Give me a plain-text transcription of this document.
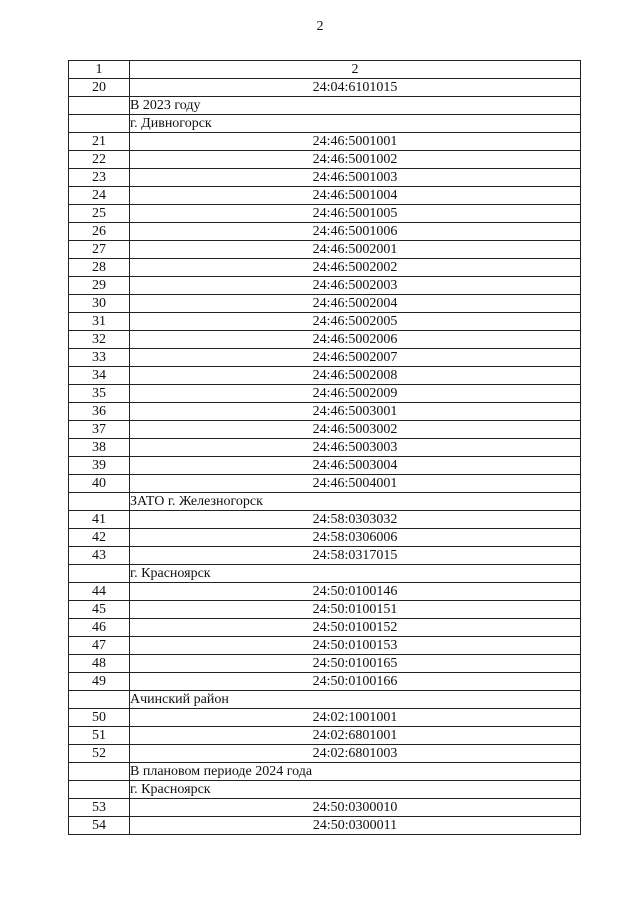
2
1	2
20	24:04:6101015
	В 2023 году
	г. Дивногорск
21	24:46:5001001
22	24:46:5001002
23	24:46:5001003
24	24:46:5001004
25	24:46:5001005
26	24:46:5001006
27	24:46:5002001
28	24:46:5002002
29	24:46:5002003
30	24:46:5002004
31	24:46:5002005
32	24:46:5002006
33	24:46:5002007
34	24:46:5002008
35	24:46:5002009
36	24:46:5003001
37	24:46:5003002
38	24:46:5003003
39	24:46:5003004
40	24:46:5004001
	ЗАТО г. Железногорск
41	24:58:0303032
42	24:58:0306006
43	24:58:0317015
	г. Красноярск
44	24:50:0100146
45	24:50:0100151
46	24:50:0100152
47	24:50:0100153
48	24:50:0100165
49	24:50:0100166
	Ачинский район
50	24:02:1001001
51	24:02:6801001
52	24:02:6801003
	В плановом периоде 2024 года
	г. Красноярск
53	24:50:0300010
54	24:50:0300011
